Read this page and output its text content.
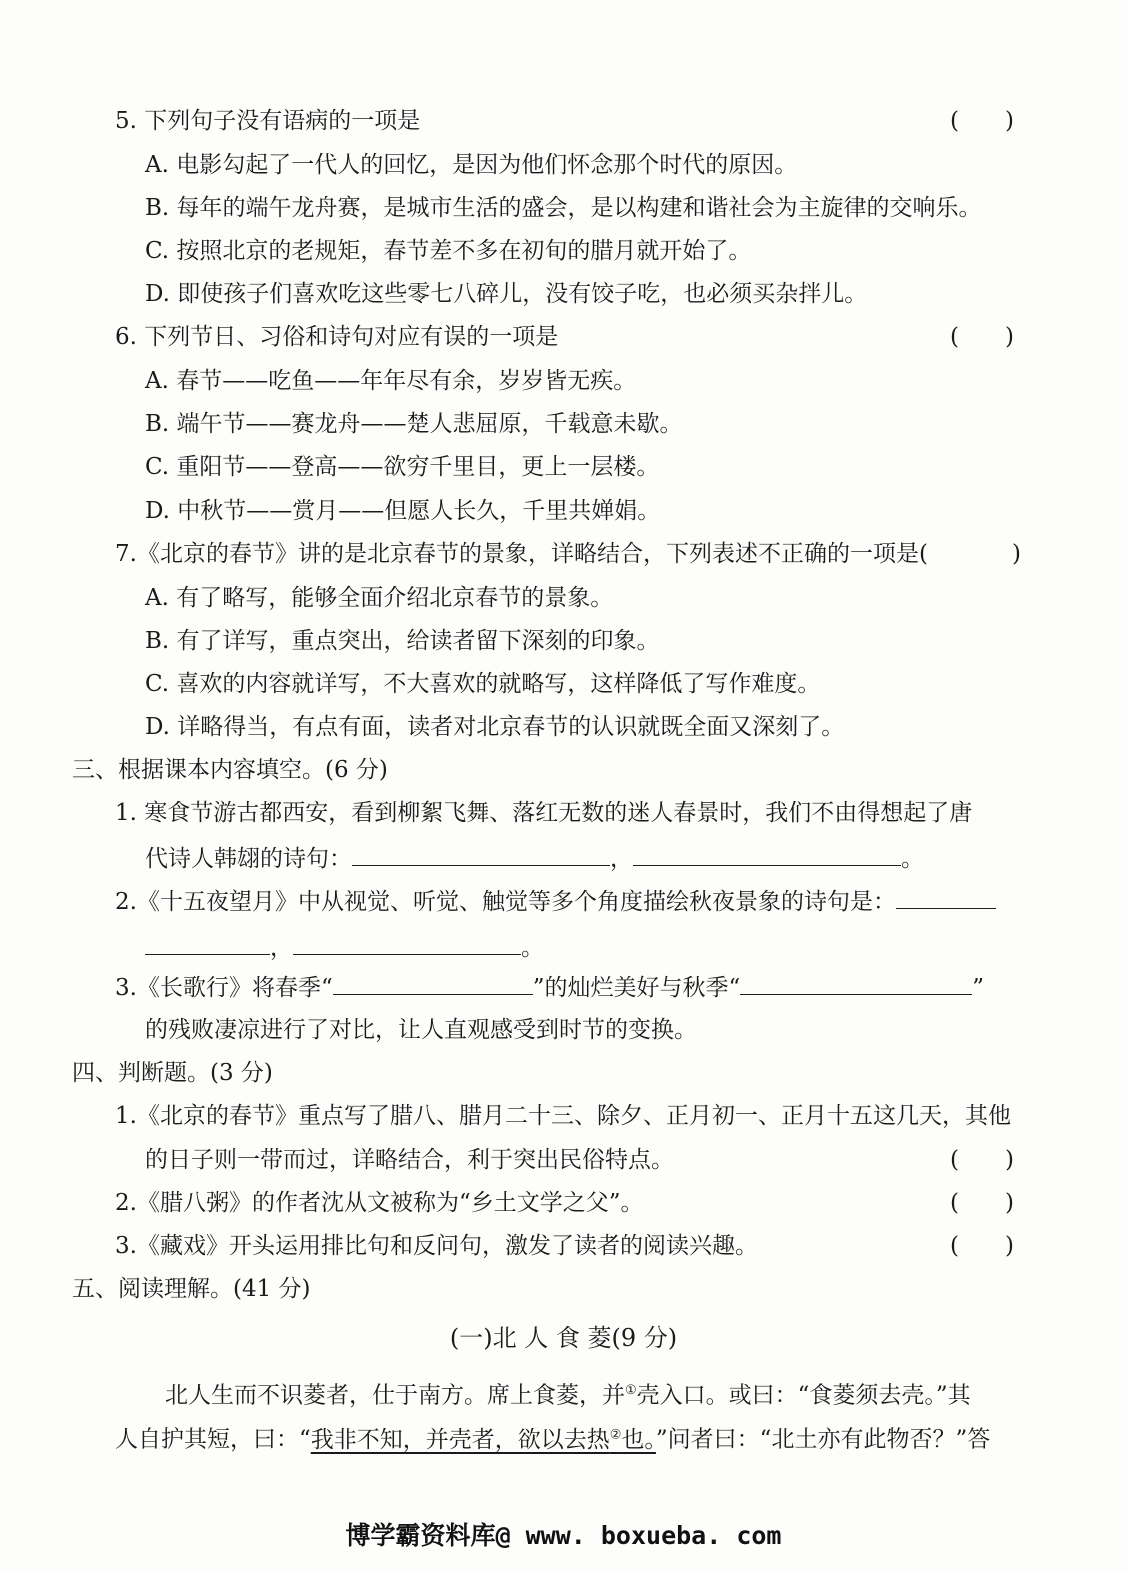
5. 下列句子没有语病的一项是	(　　)
A. 电影勾起了一代人的回忆，是因为他们怀念那个时代的原因。
B. 每年的端午龙舟赛，是城市生活的盛会，是以构建和谐社会为主旋律的交响乐。
C. 按照北京的老规矩，春节差不多在初旬的腊月就开始了。
D. 即使孩子们喜欢吃这些零七八碎儿，没有饺子吃，也必须买杂拌儿。
6. 下列节日、习俗和诗句对应有误的一项是	(　　)
A. 春节——吃鱼——年年尽有余，岁岁皆无疾。
B. 端午节——赛龙舟——楚人悲屈原，千载意未歇。
C. 重阳节——登高——欲穷千里目，更上一层楼。
D. 中秋节——赏月——但愿人长久，千里共婵娟。
7.《北京的春节》讲的是北京春节的景象，详略结合，下列表述不正确的一项是(	)
A. 有了略写，能够全面介绍北京春节的景象。
B. 有了详写，重点突出，给读者留下深刻的印象。
C. 喜欢的内容就详写，不大喜欢的就略写，这样降低了写作难度。
D. 详略得当，有点有面，读者对北京春节的认识就既全面又深刻了。
三、根据课本内容填空。(6 分)
1. 寒食节游古都西安，看到柳絮飞舞、落红无数的迷人春景时，我们不由得想起了唐
代诗人韩翃的诗句：	，	。
2.《十五夜望月》中从视觉、听觉、触觉等多个角度描绘秋夜景象的诗句是：
，	。
3.《长歌行》将春季“	”的灿烂美好与秋季“	”
的残败凄凉进行了对比，让人直观感受到时节的变换。
四、判断题。(3 分)
1.《北京的春节》重点写了腊八、腊月二十三、除夕、正月初一、正月十五这几天，其他
的日子则一带而过，详略结合，利于突出民俗特点。	(　　)
2.《腊八粥》的作者沈从文被称为“乡土文学之父”。	(　　)
3.《藏戏》开头运用排比句和反问句，激发了读者的阅读兴趣。	(　　)
五、阅读理解。(41 分)
(一)北 人 食 菱(9 分)
北人生而不识菱者，仕于南方。席上食菱，并①壳入口。或曰：“食菱须去壳。”其
人自护其短，曰：“我非不知，并壳者，欲以去热②也。”问者曰：“北土亦有此物否？”答
博学霸资料库@ www. boxueba. com
